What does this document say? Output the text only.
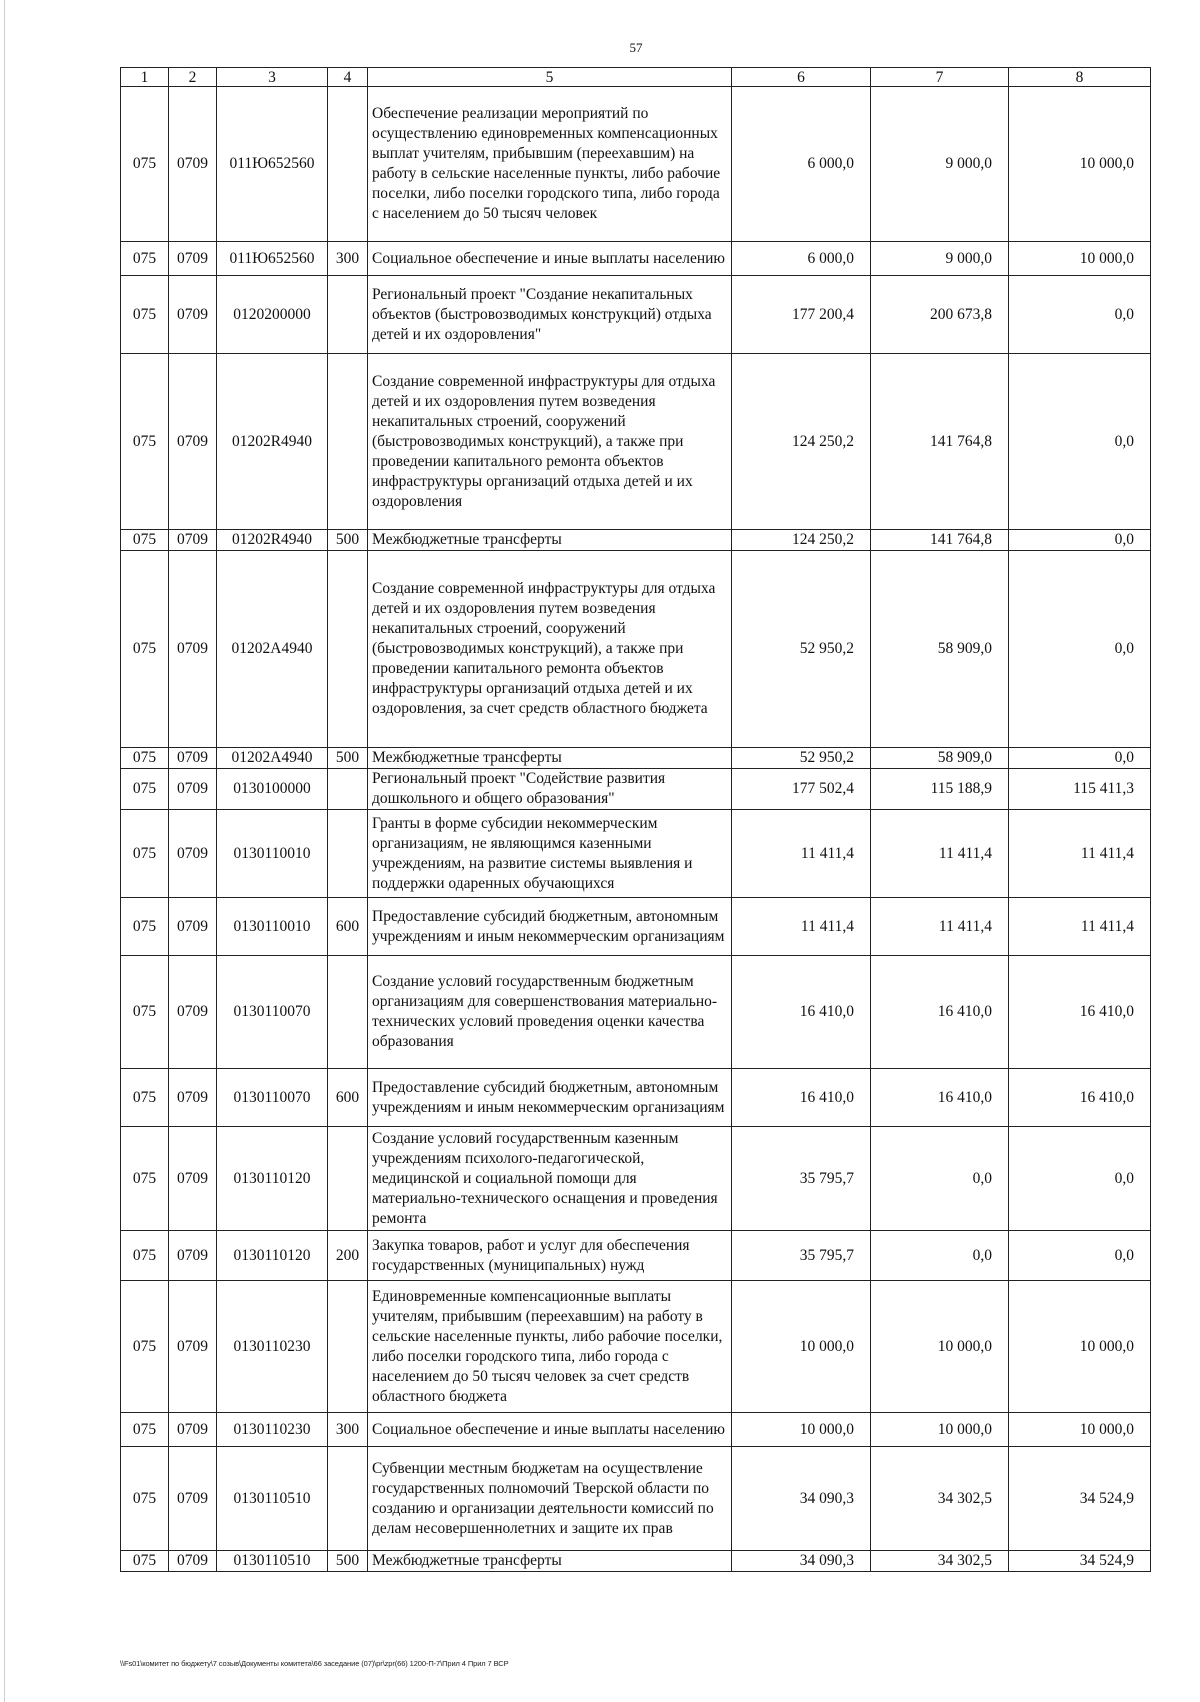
57
1	2	3	4	5	6	7	8
075	0709	011Ю652560		Обеспечение реализации мероприятий по осуществлению единовременных компенсационных выплат учителям, прибывшим (переехавшим) на работу в сельские населенные пункты, либо рабочие поселки, либо поселки городского типа, либо города с населением до 50 тысяч человек	6 000,0	9 000,0	10 000,0
075	0709	011Ю652560	300	Социальное обеспечение и иные выплаты населению	6 000,0	9 000,0	10 000,0
075	0709	0120200000		Региональный проект "Создание некапитальных объектов (быстровозводимых конструкций) отдыха детей и их оздоровления"	177 200,4	200 673,8	0,0
075	0709	01202R4940		Создание современной инфраструктуры для отдыха детей и их оздоровления путем возведения некапитальных строений, сооружений (быстровозводимых конструкций), а также при проведении капитального ремонта объектов инфраструктуры организаций отдыха детей и их оздоровления	124 250,2	141 764,8	0,0
075	0709	01202R4940	500	Межбюджетные трансферты	124 250,2	141 764,8	0,0
075	0709	01202A4940		Создание современной инфраструктуры для отдыха детей и их оздоровления путем возведения некапитальных строений, сооружений (быстровозводимых конструкций), а также при проведении капитального ремонта объектов инфраструктуры организаций отдыха детей и их оздоровления, за счет средств областного бюджета	52 950,2	58 909,0	0,0
075	0709	01202A4940	500	Межбюджетные трансферты	52 950,2	58 909,0	0,0
075	0709	0130100000		Региональный проект "Содействие развития дошкольного и общего образования"	177 502,4	115 188,9	115 411,3
075	0709	0130110010		Гранты в форме субсидии некоммерческим организациям, не являющимся казенными учреждениям, на развитие системы выявления и поддержки одаренных обучающихся	11 411,4	11 411,4	11 411,4
075	0709	0130110010	600	Предоставление субсидий бюджетным, автономным учреждениям и иным некоммерческим организациям	11 411,4	11 411,4	11 411,4
075	0709	0130110070		Создание условий государственным бюджетным организациям для совершенствования материально-технических условий проведения оценки качества образования	16 410,0	16 410,0	16 410,0
075	0709	0130110070	600	Предоставление субсидий бюджетным, автономным учреждениям и иным некоммерческим организациям	16 410,0	16 410,0	16 410,0
075	0709	0130110120		Создание условий государственным казенным учреждениям психолого-педагогической, медицинской и социальной помощи для материально-технического оснащения и проведения ремонта	35 795,7	0,0	0,0
075	0709	0130110120	200	Закупка товаров, работ и услуг для обеспечения государственных (муниципальных) нужд	35 795,7	0,0	0,0
075	0709	0130110230		Единовременные компенсационные выплаты учителям, прибывшим (переехавшим) на работу в сельские населенные пункты, либо рабочие поселки, либо поселки городского типа, либо города с населением до 50 тысяч человек за счет средств областного бюджета	10 000,0	10 000,0	10 000,0
075	0709	0130110230	300	Социальное обеспечение и иные выплаты населению	10 000,0	10 000,0	10 000,0
075	0709	0130110510		Субвенции местным бюджетам на осуществление государственных полномочий Тверской области по созданию и организации деятельности комиссий по делам несовершеннолетних и защите их прав	34 090,3	34 302,5	34 524,9
075	0709	0130110510	500	Межбюджетные трансферты	34 090,3	34 302,5	34 524,9
\\Fs01\комитет по бюджету\7 созыв\Документы комитета\66 заседание (07)\pr\zpr(66) 1200-П-7\Прил 4 Прил 7 ВСР
